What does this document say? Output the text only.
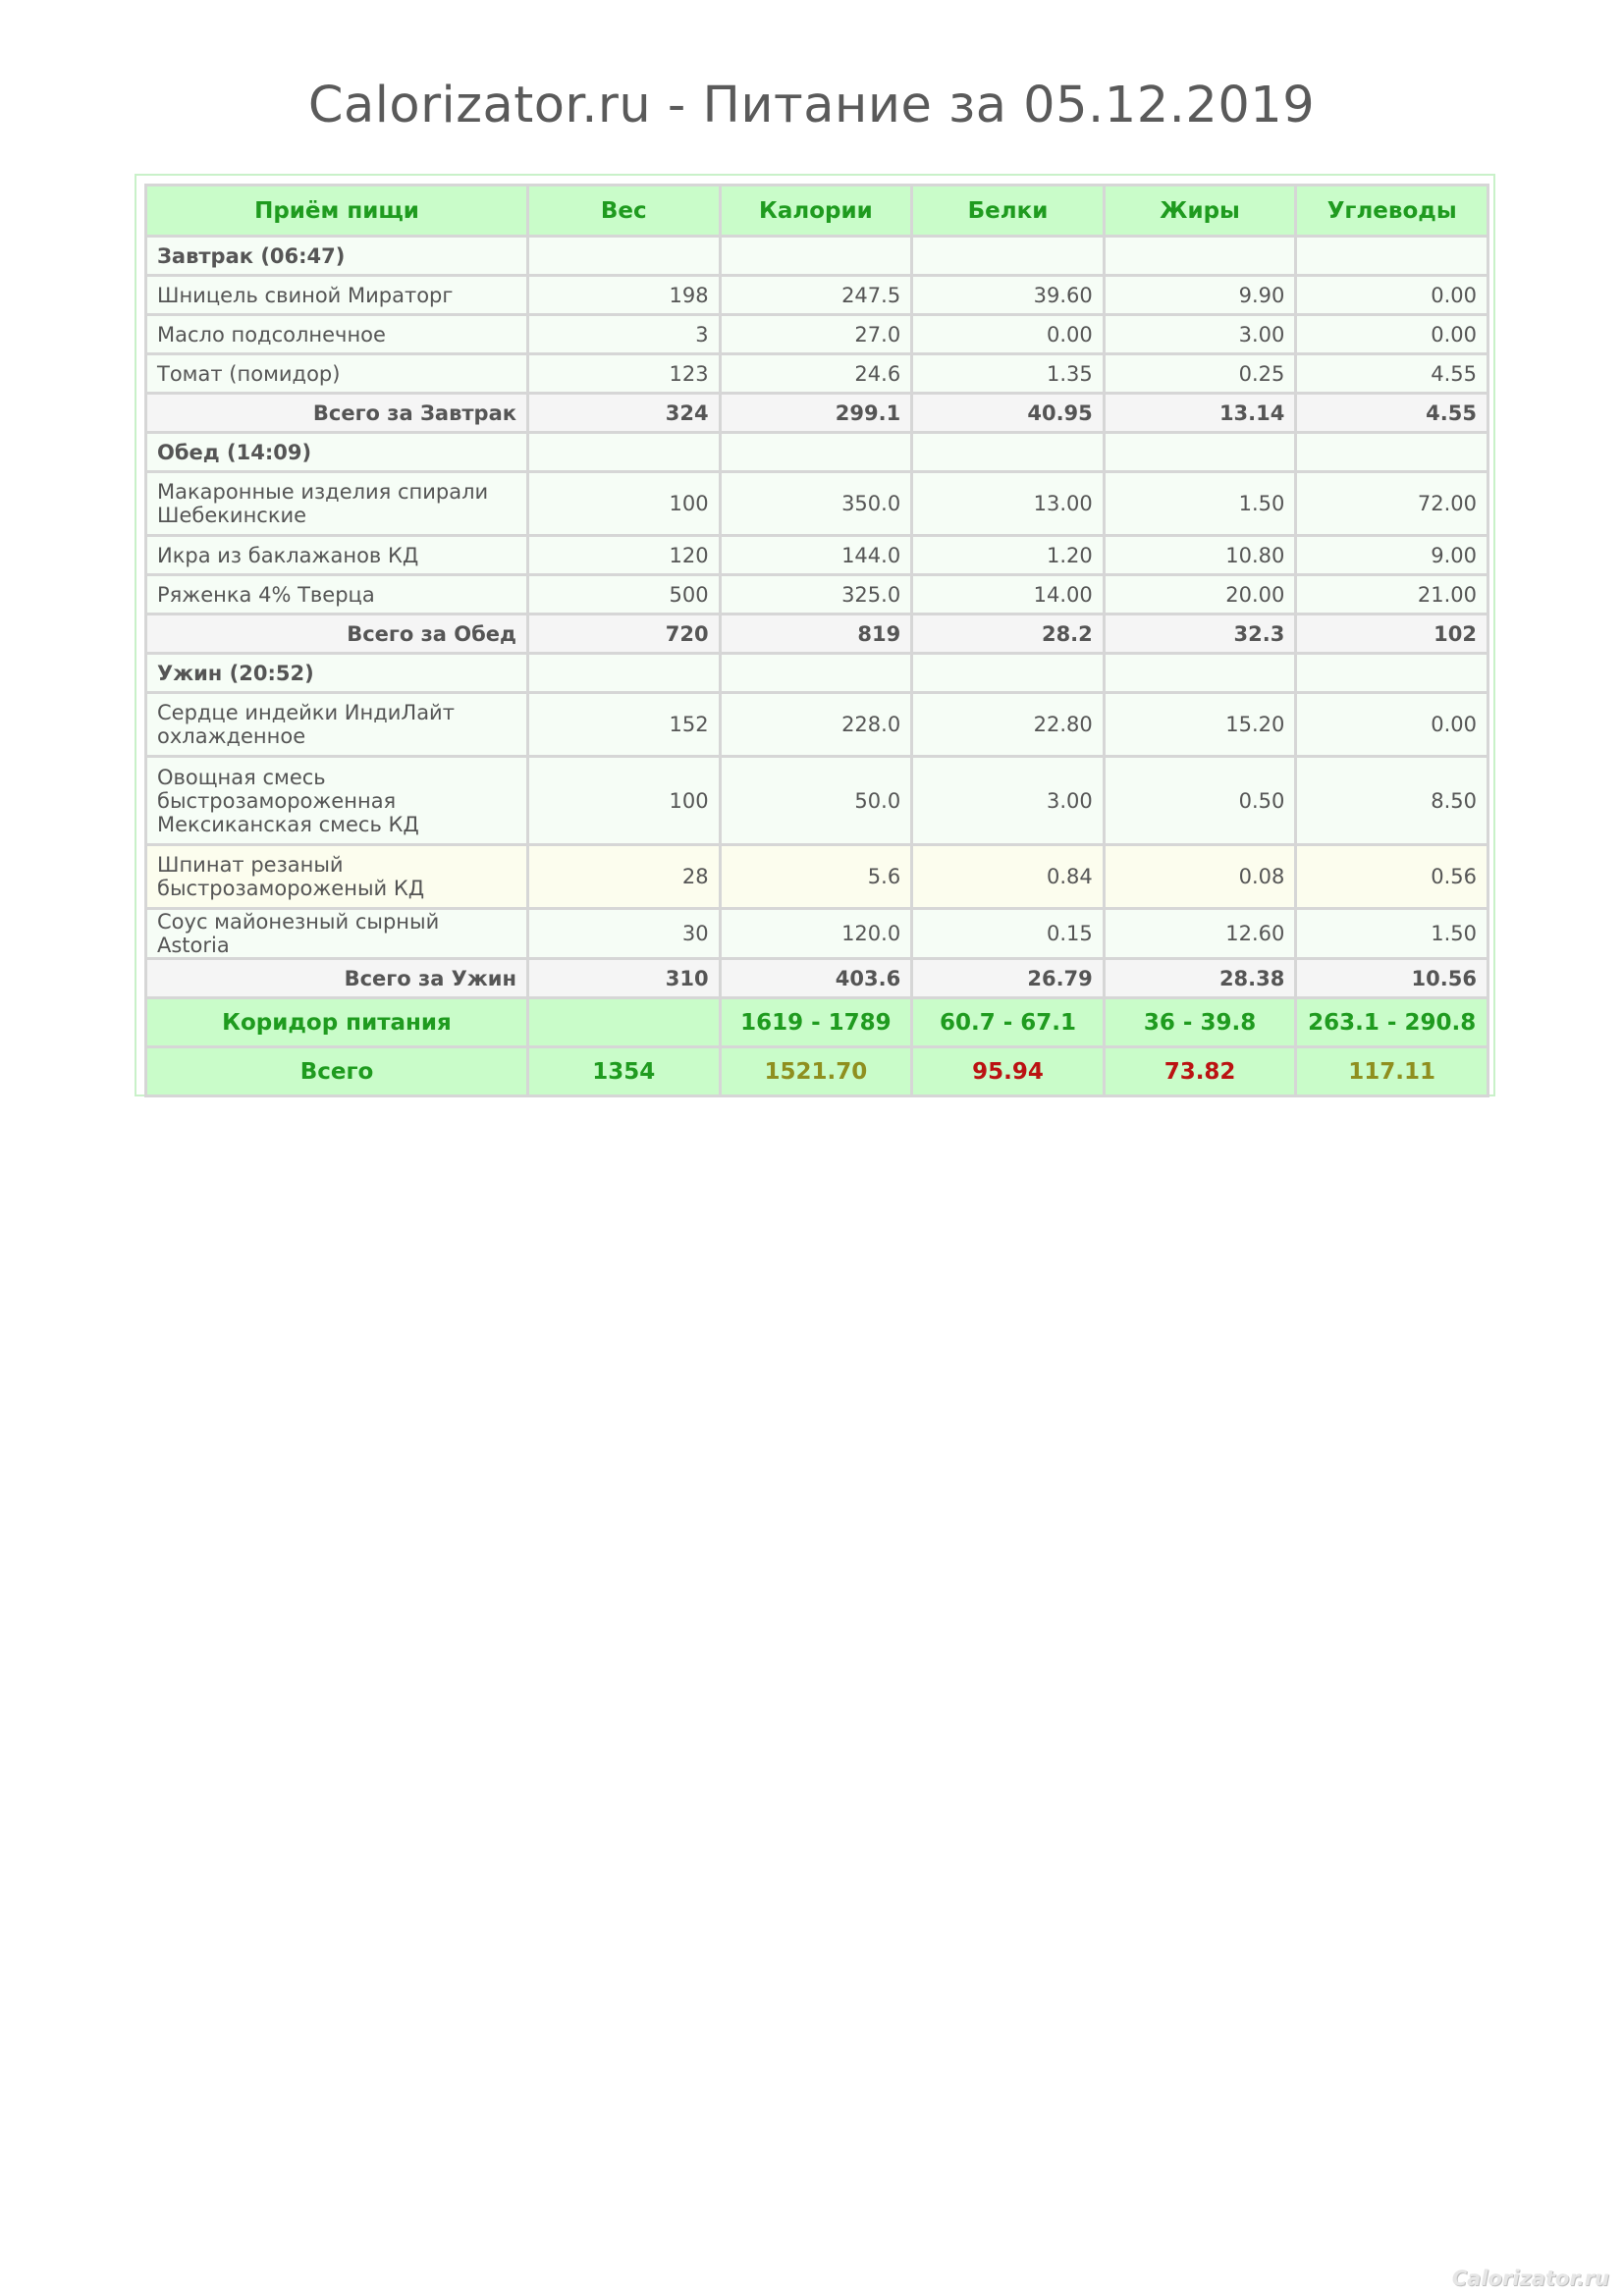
Calorizator.ru - Питание за 05.12.2019
Приём пищи	Вес	Калории	Белки	Жиры	Углеводы
Завтрак (06:47)					
Шницель свиной Мираторг	198	247.5	39.60	9.90	0.00
Масло подсолнечное	3	27.0	0.00	3.00	0.00
Томат (помидор)	123	24.6	1.35	0.25	4.55
Всего за Завтрак	324	299.1	40.95	13.14	4.55
Обед (14:09)					
Макаронные изделия спирали Шебекинские	100	350.0	13.00	1.50	72.00
Икра из баклажанов КД	120	144.0	1.20	10.80	9.00
Ряженка 4% Тверца	500	325.0	14.00	20.00	21.00
Всего за Обед	720	819	28.2	32.3	102
Ужин (20:52)					
Сердце индейки ИндиЛайт охлажденное	152	228.0	22.80	15.20	0.00
Овощная смесь быстрозамороженная Мексиканская смесь КД	100	50.0	3.00	0.50	8.50
Шпинат резаный быстрозамороженый КД	28	5.6	0.84	0.08	0.56
Соус майонезный сырный Astoria	30	120.0	0.15	12.60	1.50
Всего за Ужин	310	403.6	26.79	28.38	10.56
Коридор питания		1619 - 1789	60.7 - 67.1	36 - 39.8	263.1 - 290.8
Всего	1354	1521.70	95.94	73.82	117.11
Calorizator.ru
